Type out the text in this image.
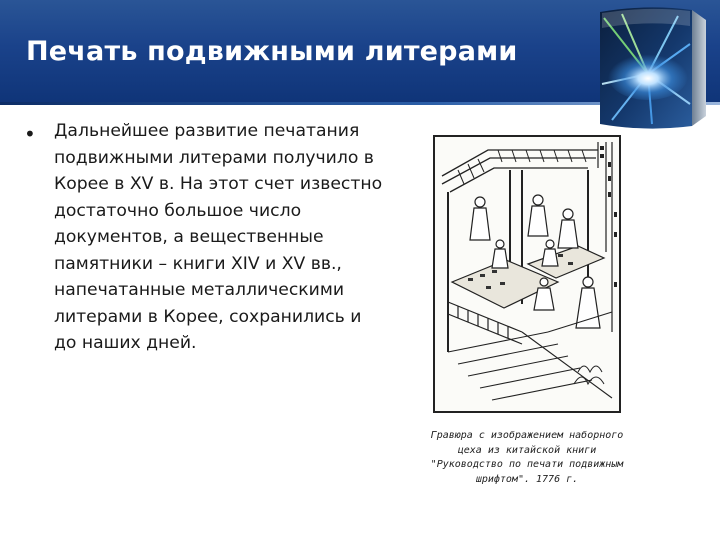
Печать подвижными литерами
• Дальнейшее развитие печатания
подвижными литерами получило в
Корее в XV в. На этот счет известно
достаточно большое число
документов, а вещественные
памятники – книги XIV и XV вв.,
напечатанные металлическими
литерами в Корее, сохранились и
до наших дней.
Гравюра с изображением наборного
цеха из китайской книги
"Руководство по печати подвижным
шрифтом". 1776 г.
